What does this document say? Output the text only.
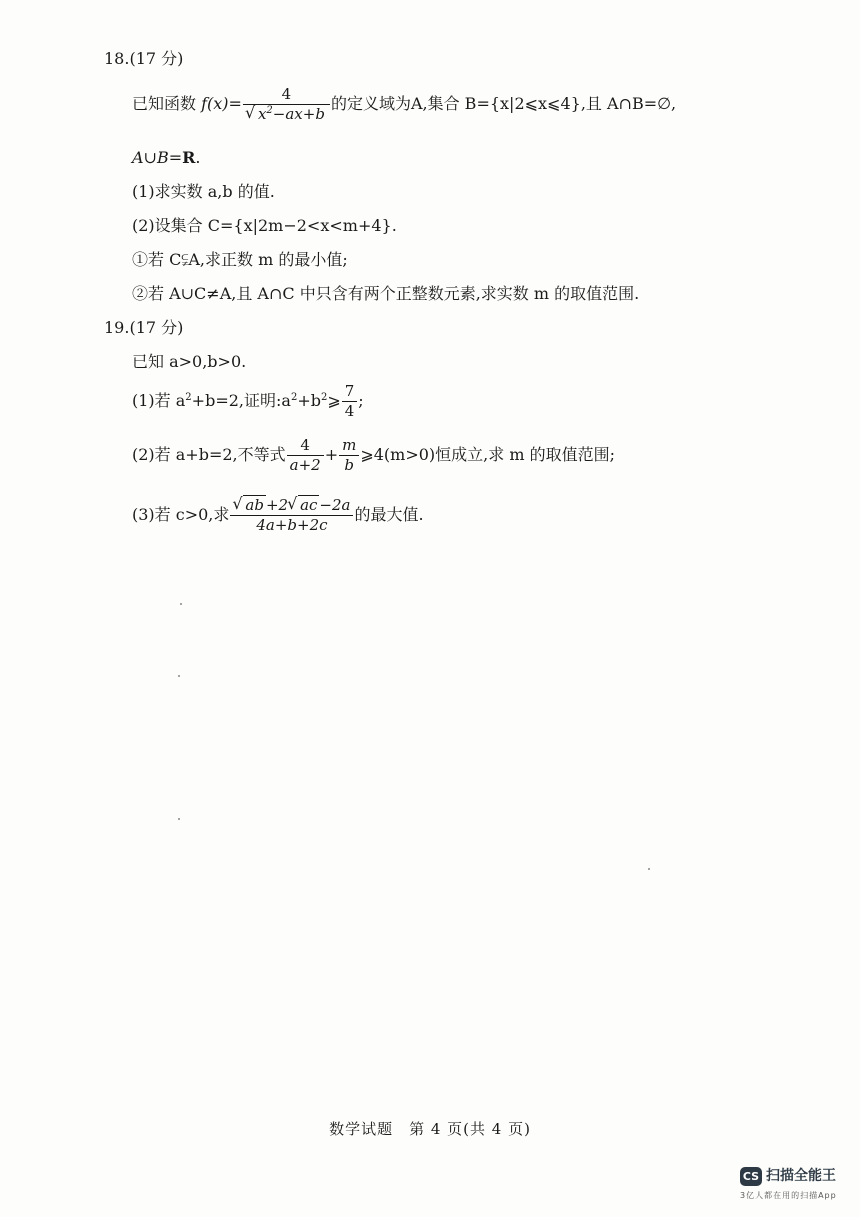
18.(17 分)
已知函数 f(x)= 4
√ $x^2-ax+b$ 的定义域为A,集合 B={x|2⩽x⩽4},且 A∩B=∅,
A∪B=R.
(1)求实数 a,b 的值.
(2)设集合 C={x|2m−2<x<m+4}.
①若 C⫋A,求正数 m 的最小值;
②若 A∪C≠A,且 A∩C 中只含有两个正整数元素,求实数 m 的取值范围.
19.(17 分)
已知 a>0,b>0.
(1)若 $a^2+b=2$,证明$:a^2+b^2⩾ \frac{7}{4}$ ;
(2)若 a+b=2,不等式 $\frac{4}{a+2} + \frac{m}{b}$ ⩾4(m>0)恒成立,求 m 的取值范围;
(3)若 c>0,求 √ $\frac{ab +2 √ ac -2a}{4a+b+2c}$ 的最大值.
数学试题　第 4 页(共 4 页)
CS 扫描全能王
3亿人都在用的扫描App
